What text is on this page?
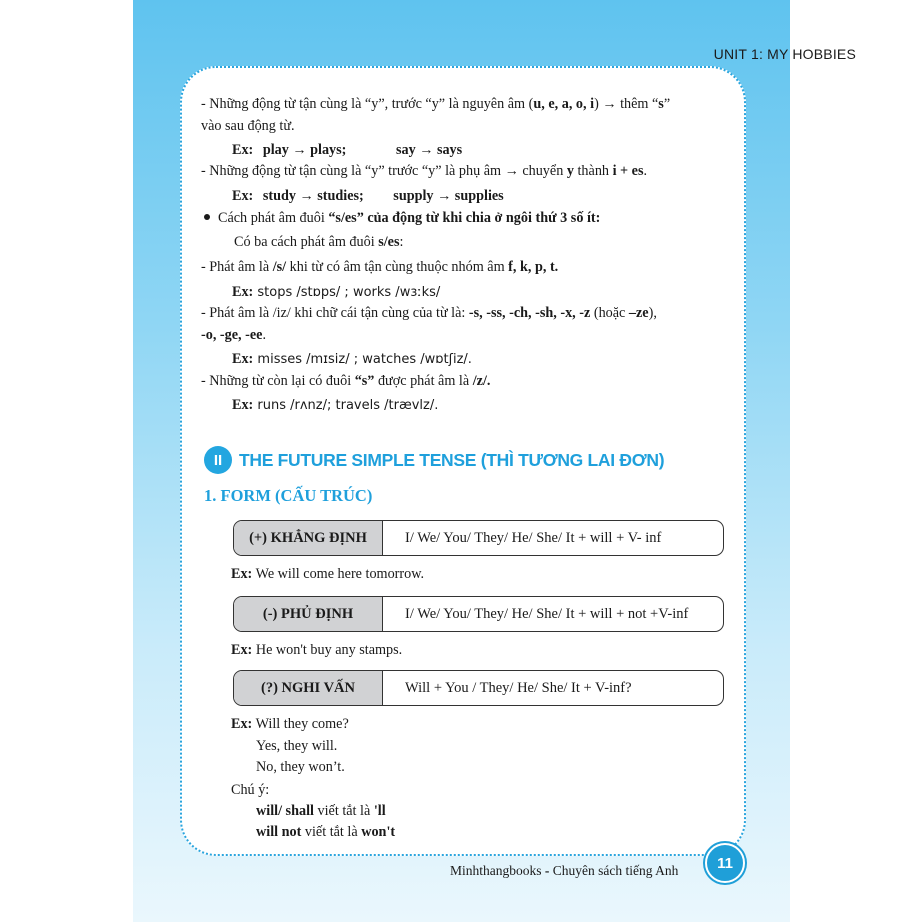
UNIT 1: MY HOBBIES
- Những động từ tận cùng là “y”, trước “y” là nguyên âm (u, e, a, o, i) → thêm “s”
vào sau động từ.
Ex: play → plays;	say → says
- Những động từ tận cùng là “y” trước “y” là phụ âm → chuyển y thành i + es.
Ex: study → studies; supply → supplies
Cách phát âm đuôi “s/es” của động từ khi chia ở ngôi thứ 3 số ít:
Có ba cách phát âm đuôi s/es:
- Phát âm là /s/ khi từ có âm tận cùng thuộc nhóm âm f, k, p, t.
Ex: stops /stɒps/ ; works /wɜːks/
- Phát âm là /iz/ khi chữ cái tận cùng của từ là: -s, -ss, -ch, -sh, -x, -z (hoặc –ze),
-o, -ge, -ee.
Ex: misses /mɪsiz/ ; watches /wɒtʃiz/.
- Những từ còn lại có đuôi “s” được phát âm là /z/.
Ex: runs /rʌnz/; travels /trævlz/.
II THE FUTURE SIMPLE TENSE (THÌ TƯƠNG LAI ĐƠN)
1. FORM (CẤU TRÚC)
(+) KHẲNG ĐỊNH	I/ We/ You/ They/ He/ She/ It + will + V- inf
Ex: We will come here tomorrow.
(-) PHỦ ĐỊNH	I/ We/ You/ They/ He/ She/ It + will + not +V-inf
Ex: He won't buy any stamps.
(?) NGHI VẤN	Will + You / They/ He/ She/ It + V-inf?
Ex: Will they come?
Yes, they will.
No, they won’t.
Chú ý:
will/ shall viết tắt là 'll
will not viết tắt là won't
Minhthangbooks - Chuyên sách tiếng Anh	11
